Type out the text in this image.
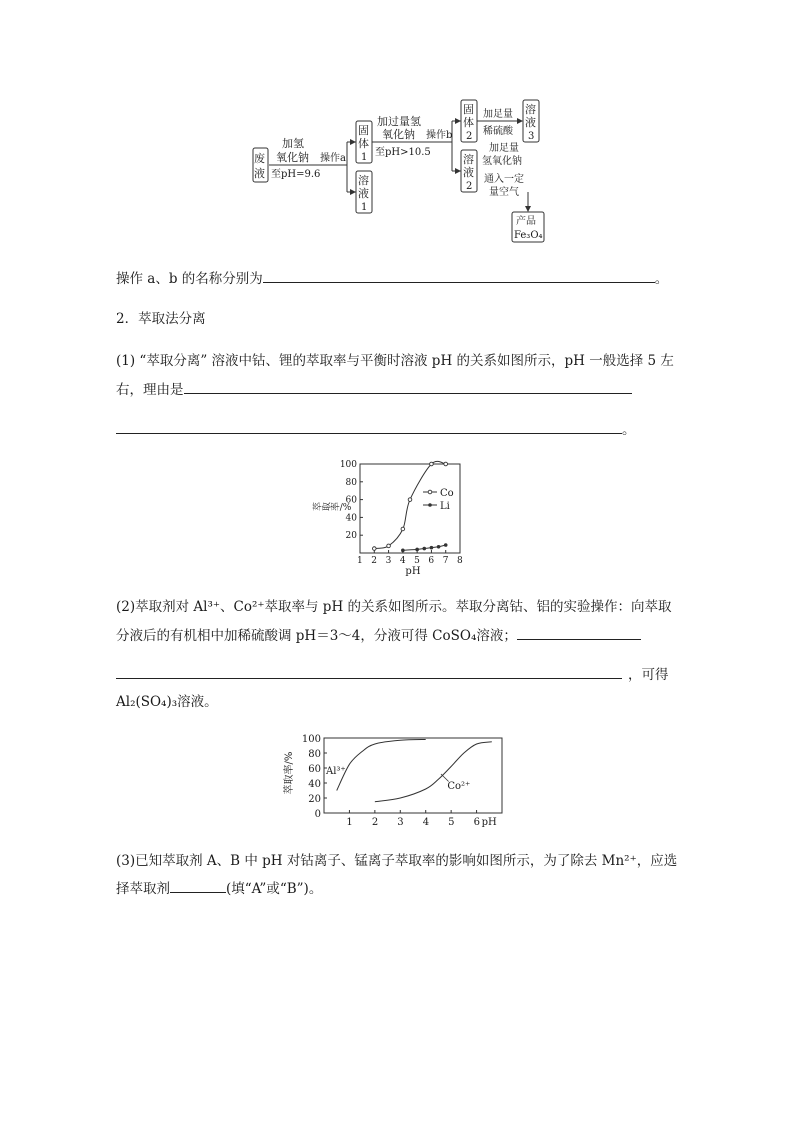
废
液
加氢
氧化钠
至pH=9.6
操作a
固
体
1
溶
液
1
加过量氢
氧化钠
至pH>10.5
操作b
固
体
2
溶
液
2
加足量
稀硫酸
溶
液
3
加足量
氢氧化钠
通入一定
量空气
产品
Fe₃O₄
操作 a、b 的名称分别为	。
2．萃取法分离
(1) “萃取分离” 溶液中钴、锂的萃取率与平衡时溶液 pH 的关系如图所示，pH 一般选择 5 左
右，理由是
。
1 2 3 4 5 6 7 8
20
40
60
80
100
pH
萃取率/%
Co
Li
(2)萃取剂对 Al³⁺、Co²⁺萃取率与 pH 的关系如图所示。萃取分离钴、铝的实验操作：向萃取
分液后的有机相中加稀硫酸调 pH＝3～4，分液可得 CoSO₄溶液；
，可得
Al₂(SO₄)₃溶液。
1 2 3 4 5 6
0
20
40
60
80
100
pH
萃取率/%	Al³⁺
Co²⁺
(3)已知萃取剂 A、B 中 pH 对钴离子、锰离子萃取率的影响如图所示，为了除去 Mn²⁺，应选
择萃取剂	(填“A”或“B”)。
